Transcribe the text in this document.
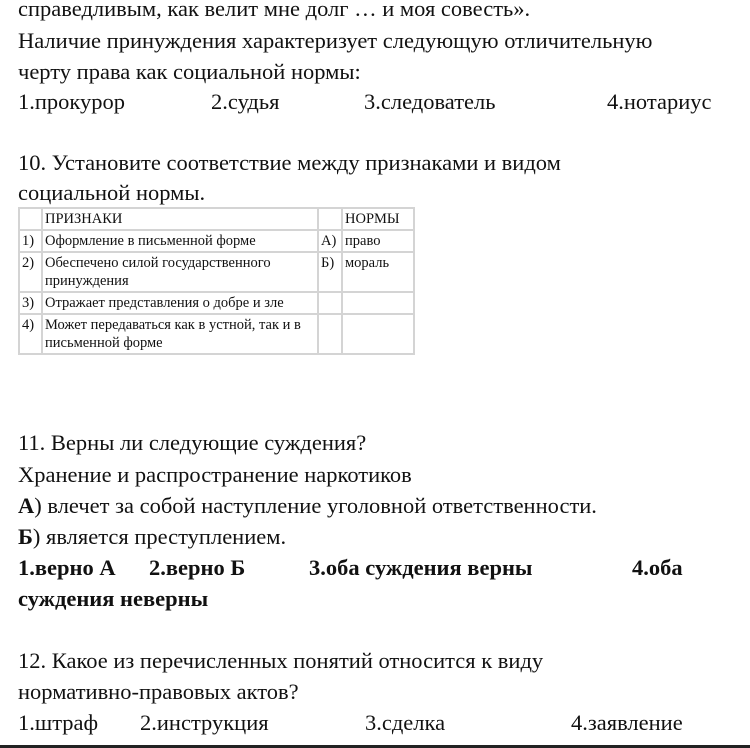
справедливым, как велит мне долг … и моя совесть».
Наличие принуждения характеризует следующую отличительную
черту права как социальной нормы:
1.прокурор	2.судья	3.следователь	4.нотариус
10. Установите соответствие между признаками и видом
социальной нормы.
	ПРИЗНАКИ		НОРМЫ
1)	Оформление в письменной форме	А)	право
2)	Обеспечено силой государственного принуждения	Б)	мораль
3)	Отражает представления о добре и зле		
4)	Может передаваться как в устной, так и в письменной форме		
11. Верны ли следующие суждения?
Хранение и распространение наркотиков
А) влечет за собой наступление уголовной ответственности.
Б) является преступлением.
1.верно А 2.верно Б	3.оба суждения верны	4.оба
суждения неверны
12. Какое из перечисленных понятий относится к виду
нормативно-правовых актов?
1.штраф 2.инструкция	3.сделка	4.заявление
